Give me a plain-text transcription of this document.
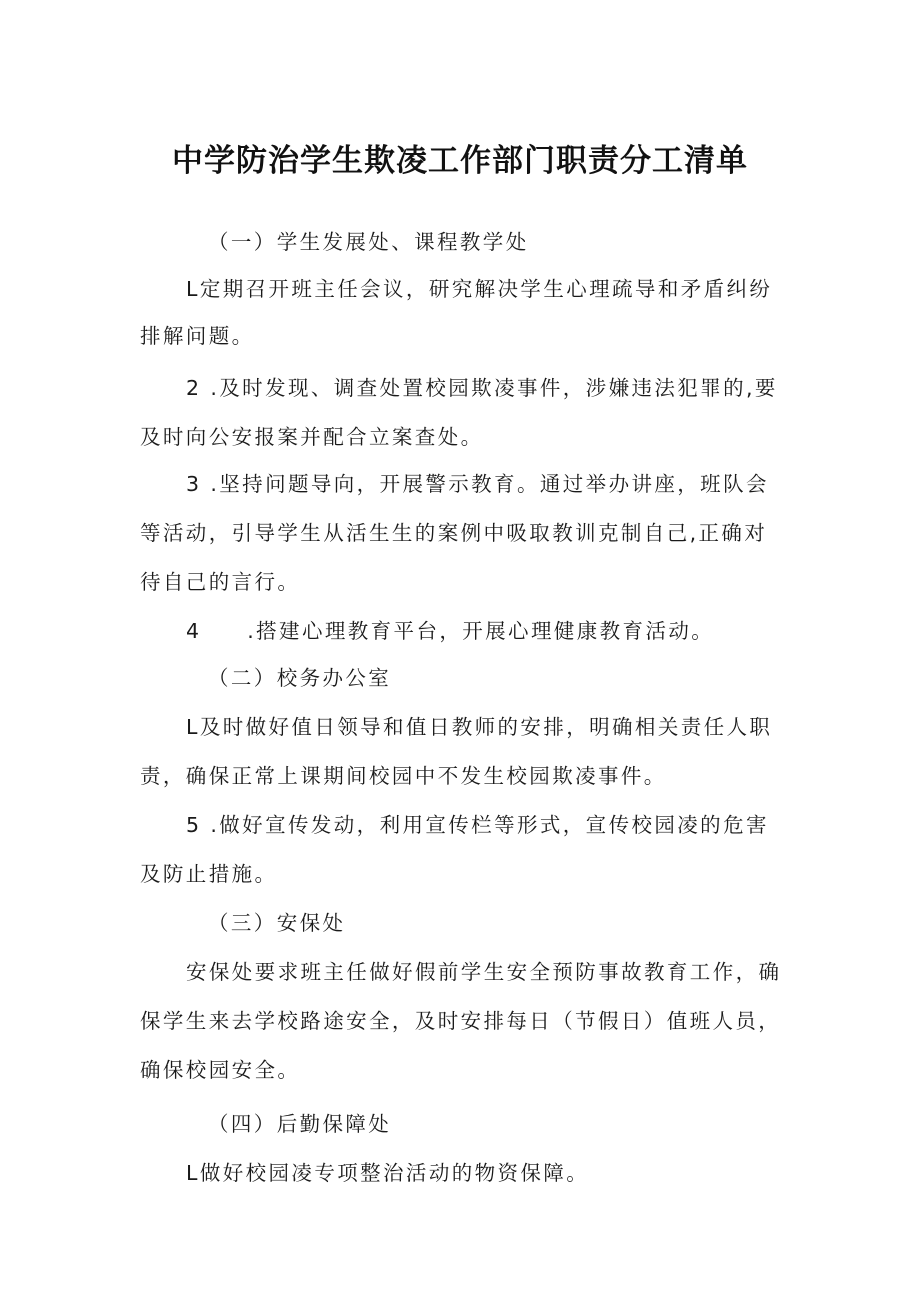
中学防治学生欺凌工作部门职责分工清单
（一）学生发展处、课程教学处
L定期召开班主任会议，研究解决学生心理疏导和矛盾纠纷
排解问题。
2 .及时发现、调查处置校园欺凌事件，涉嫌违法犯罪的,要
及时向公安报案并配合立案查处。
3 .坚持问题导向，开展警示教育。通过举办讲座，班队会
等活动，引导学生从活生生的案例中吸取教训克制自己,正确对
待自己的言行。
4　　.搭建心理教育平台，开展心理健康教育活动。
（二）校务办公室
L及时做好值日领导和值日教师的安排，明确相关责任人职
责，确保正常上课期间校园中不发生校园欺凌事件。
5 .做好宣传发动，利用宣传栏等形式，宣传校园凌的危害
及防止措施。
（三）安保处
安保处要求班主任做好假前学生安全预防事故教育工作，确
保学生来去学校路途安全，及时安排每日（节假日）值班人员，
确保校园安全。
（四）后勤保障处
L做好校园凌专项整治活动的物资保障。
